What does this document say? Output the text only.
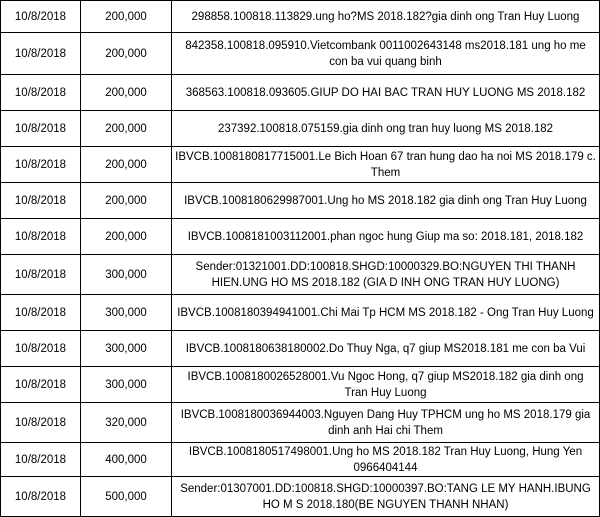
10/8/2018	200,000	298858.100818.113829.ung ho?MS 2018.182?gia dinh ong Tran Huy Luong
10/8/2018	200,000	842358.100818.095910.Vietcombank 0011002643148 ms2018.181 ung ho me con ba vui quang binh
10/8/2018	200,000	368563.100818.093605.GIUP DO HAI BAC TRAN HUY LUONG MS 2018.182
10/8/2018	200,000	237392.100818.075159.gia dinh ong tran huy luong MS 2018.182
10/8/2018	200,000	IBVCB.1008180817715001.Le Bich Hoan 67 tran hung dao ha noi MS 2018.179 c. Them
10/8/2018	200,000	IBVCB.1008180629987001.Ung ho MS 2018.182 gia dinh ong Tran Huy Luong
10/8/2018	200,000	IBVCB.1008181003112001.phan ngoc hung Giup ma so: 2018.181, 2018.182
10/8/2018	300,000	Sender:01321001.DD:100818.SHGD:10000329.BO:NGUYEN THI THANH HIEN.UNG HO MS 2018.182 (GIA D INH ONG TRAN HUY LUONG)
10/8/2018	300,000	IBVCB.1008180394941001.Chi Mai Tp HCM MS 2018.182 - Ong Tran Huy Luong
10/8/2018	300,000	IBVCB.1008180638180002.Do Thuy Nga, q7 giup MS2018.181 me con ba Vui
10/8/2018	300,000	IBVCB.1008180026528001.Vu Ngoc Hong, q7 giup MS2018.182 gia dinh ong Tran Huy Luong
10/8/2018	320,000	IBVCB.1008180036944003.Nguyen Dang Huy TPHCM ung ho MS 2018.179 gia dinh anh Hai chi Them
10/8/2018	400,000	IBVCB.1008180517498001.Ung ho MS 2018.182 Tran Huy Luong, Hung Yen 0966404144
10/8/2018	500,000	Sender:01307001.DD:100818.SHGD:10000397.BO:TANG LE MY HANH.IBUNG HO M S 2018.180(BE NGUYEN THANH NHAN)
